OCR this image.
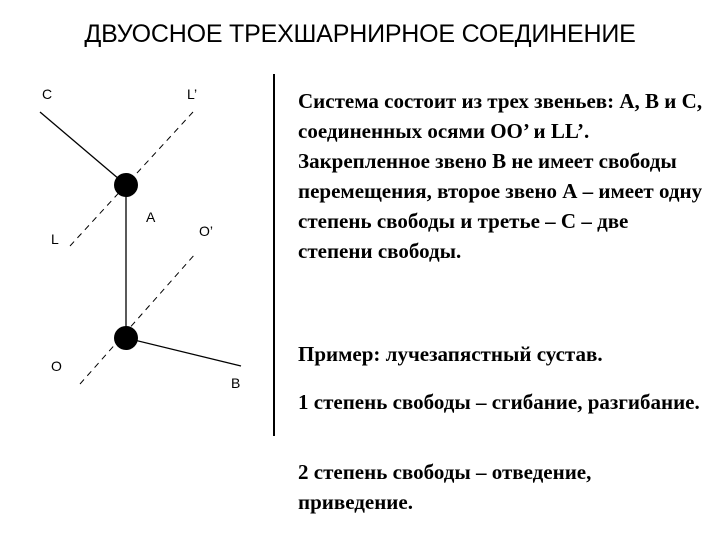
ДВУОСНОЕ ТРЕХШАРНИРНОЕ СОЕДИНЕНИЕ
C	L’
A
O’
L
O
B

Система состоит из трех звеньев: А, В и С, соединенных осями ОО’ и LL’. Закрепленное звено В не имеет свободы перемещения, второе звено А – имеет одну степень свободы и третье – С – две степени свободы.

Пример: лучезапястный сустав.

1 степень свободы – сгибание, разгибание.

2 степень свободы – отведение, приведение.
